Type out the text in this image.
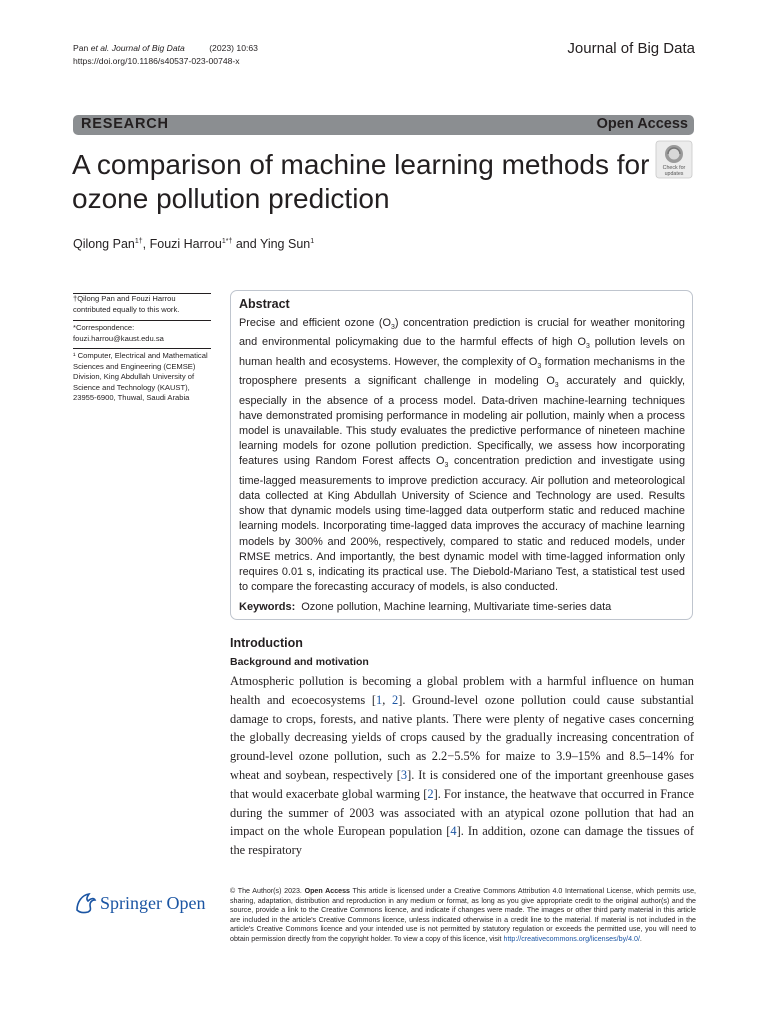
Pan et al. Journal of Big Data	(2023) 10:63
https://doi.org/10.1186/s40537-023-00748-x
Journal of Big Data
RESEARCH	Open Access
A comparison of machine learning methods for ozone pollution prediction
Check for
updates
Qilong Pan$^{1\dagger}$, Fouzi Harrou$^{1*\dagger}$ and Ying Sun$^1$
†Qilong Pan and Fouzi Harrou contributed equally to this work.
*Correspondence:
fouzi.harrou@kaust.edu.sa
¹ Computer, Electrical and Mathematical Sciences and Engineering (CEMSE) Division, King Abdullah University of Science and Technology (KAUST), 23955-6900, Thuwal, Saudi Arabia
Abstract
Precise and efficient ozone $(O_3)$ concentration prediction is crucial for weather monitoring and environmental policymaking due to the harmful effects of high $O_3$ pollution levels on human health and ecosystems. However, the complexity of $O_3$ formation mechanisms in the troposphere presents a significant challenge in modeling $O_3$ accurately and quickly, especially in the absence of a process model. Data-driven machine-learning techniques have demonstrated promising performance in modeling air pollution, mainly when a process model is unavailable. This study evaluates the predictive performance of nineteen machine learning models for ozone pollution prediction. Specifically, we assess how incorporating features using Random Forest affects $O_3$ concentration prediction and investigate using time-lagged measurements to improve prediction accuracy. Air pollution and meteorological data collected at King Abdullah University of Science and Technology are used. Results show that dynamic models using time-lagged data outperform static and reduced machine learning models. Incorporating time-lagged data improves the accuracy of machine learning models by 300% and 200%, respectively, compared to static and reduced models, under RMSE metrics. And importantly, the best dynamic model with time-lagged information only requires 0.01 s, indicating its practical use. The Diebold-Mariano Test, a statistical test used to compare the forecasting accuracy of models, is also conducted.
Keywords: Ozone pollution, Machine learning, Multivariate time-series data
Introduction
Background and motivation
Atmospheric pollution is becoming a global problem with a harmful influence on human health and ecoecosystems [1, 2]. Ground-level ozone pollution could cause substantial damage to crops, forests, and native plants. There were plenty of negative cases concerning the globally decreasing yields of crops caused by the gradually increasing concentration of ground-level ozone pollution, such as 2.2−5.5% for maize to 3.9–15% and 8.5–14% for wheat and soybean, respectively [3]. It is considered one of the important greenhouse gases that would exacerbate global warming [2]. For instance, the heatwave that occurred in France during the summer of 2003 was associated with an atypical ozone pollution that had an impact on the whole European population [4]. In addition, ozone can damage the tissues of the respiratory
Springer Open
© The Author(s) 2023. Open Access This article is licensed under a Creative Commons Attribution 4.0 International License, which permits use, sharing, adaptation, distribution and reproduction in any medium or format, as long as you give appropriate credit to the original author(s) and the source, provide a link to the Creative Commons licence, and indicate if changes were made. The images or other third party material in this article are included in the article's Creative Commons licence, unless indicated otherwise in a credit line to the material. If material is not included in the article's Creative Commons licence and your intended use is not permitted by statutory regulation or exceeds the permitted use, you will need to obtain permission directly from the copyright holder. To view a copy of this licence, visit http://creativecommons.org/licenses/by/4.0/.
